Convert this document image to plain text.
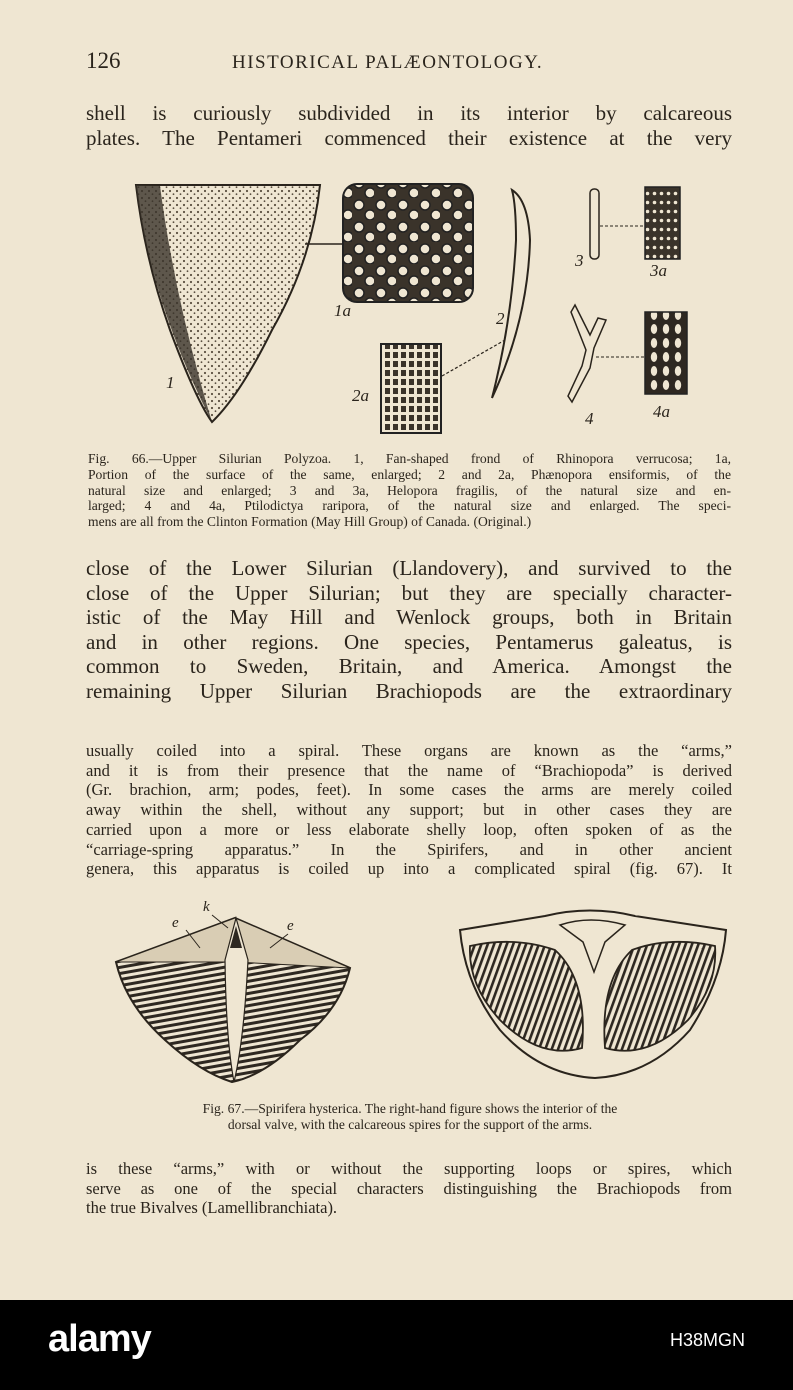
126	HISTORICAL PALÆONTOLOGY.
shell is curiously subdivided in its interior by calcareous
plates. The Pentameri commenced their existence at the very
1
1a	2
2a
3
3a
4	4a
Fig. 66.—Upper Silurian Polyzoa. 1, Fan-shaped frond of Rhinopora verrucosa; 1a,
Portion of the surface of the same, enlarged; 2 and 2a, Phænopora ensiformis, of the
natural size and enlarged; 3 and 3a, Helopora fragilis, of the natural size and en-
larged; 4 and 4a, Ptilodictya raripora, of the natural size and enlarged. The speci-
mens are all from the Clinton Formation (May Hill Group) of Canada. (Original.)
close of the Lower Silurian (Llandovery), and survived to the
close of the Upper Silurian; but they are specially character-
istic of the May Hill and Wenlock groups, both in Britain
and in other regions. One species, Pentamerus galeatus, is
common to Sweden, Britain, and America. Amongst the
remaining Upper Silurian Brachiopods are the extraordinary
usually coiled into a spiral. These organs are known as the “arms,”
and it is from their presence that the name of “Brachiopoda” is derived
(Gr. brachion, arm; podes, feet). In some cases the arms are merely coiled
away within the shell, without any support; but in other cases they are
carried upon a more or less elaborate shelly loop, often spoken of as the
“carriage-spring apparatus.” In the Spirifers, and in other ancient
genera, this apparatus is coiled up into a complicated spiral (fig. 67). It
e
k
e
Fig. 67.—Spirifera hysterica. The right-hand figure shows the interior of the
dorsal valve, with the calcareous spires for the support of the arms.
is these “arms,” with or without the supporting loops or spires, which
serve as one of the special characters distinguishing the Brachiopods from
the true Bivalves (Lamellibranchiata).
alamy	H38MGN
